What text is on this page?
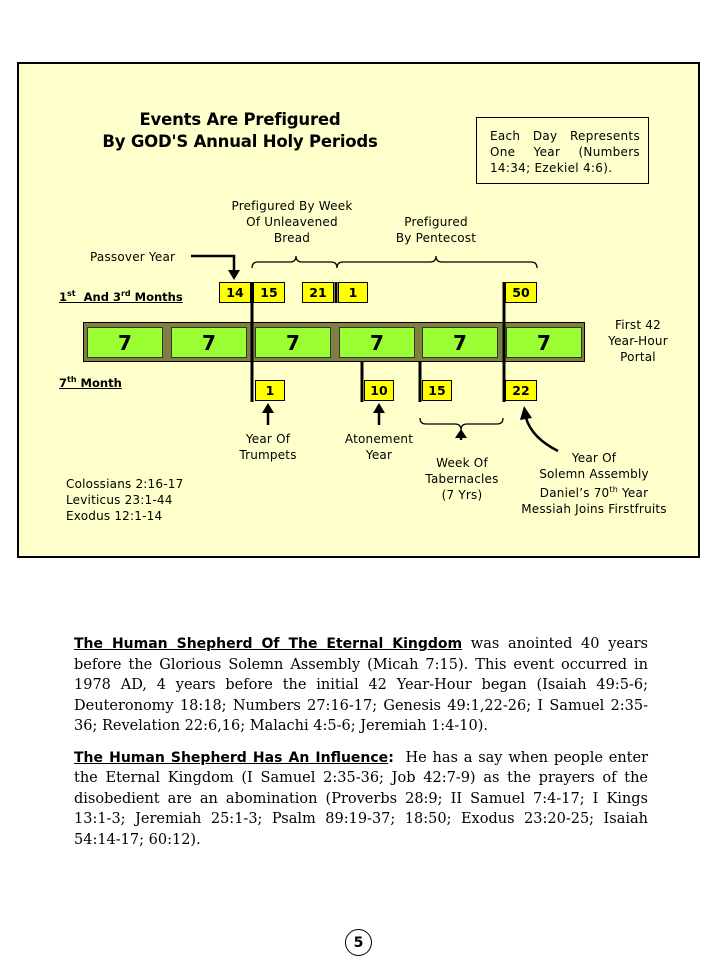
Events Are Prefigured
By GOD'S Annual Holy Periods	Each Day Represents One Year (Numbers 14:34; Ezekiel 4:6).
Prefigured By Week
Of Unleavened
Bread
Prefigured
By Pentecost
Passover Year
1st  And 3rd Months
7th Month
14	15	21	1	50
7	7	7	7	7	7
First 42
Year-Hour
Portal
1	10	15	22
Year Of
Trumpets
Atonement
Year
Week Of
Tabernacles
(7 Yrs)
Year Of
Solemn Assembly
Daniel’s 70th Year
Messiah Joins Firstfruits
Colossians 2:16-17
Leviticus 23:1-44
Exodus 12:1-14

The Human Shepherd Of The Eternal Kingdom was anointed 40 years before the Glorious Solemn Assembly (Micah 7:15). This event occurred in 1978 AD, 4 years before the initial 42 Year-Hour began (Isaiah 49:5-6; Deuteronomy 18:18; Numbers 27:16-17; Genesis 49:1,22-26; I Samuel 2:35-36; Revelation 22:6,16; Malachi 4:5-6; Jeremiah 1:4-10).

The Human Shepherd Has An Influence:  He has a say when people enter the Eternal Kingdom (I Samuel 2:35-36; Job 42:7-9) as the prayers of the disobedient are an abomination (Proverbs 28:9; II Samuel 7:4-17; I Kings 13:1-3; Jeremiah 25:1-3; Psalm 89:19-37; 18:50; Exodus 23:20-25; Isaiah 54:14-17; 60:12).

5
